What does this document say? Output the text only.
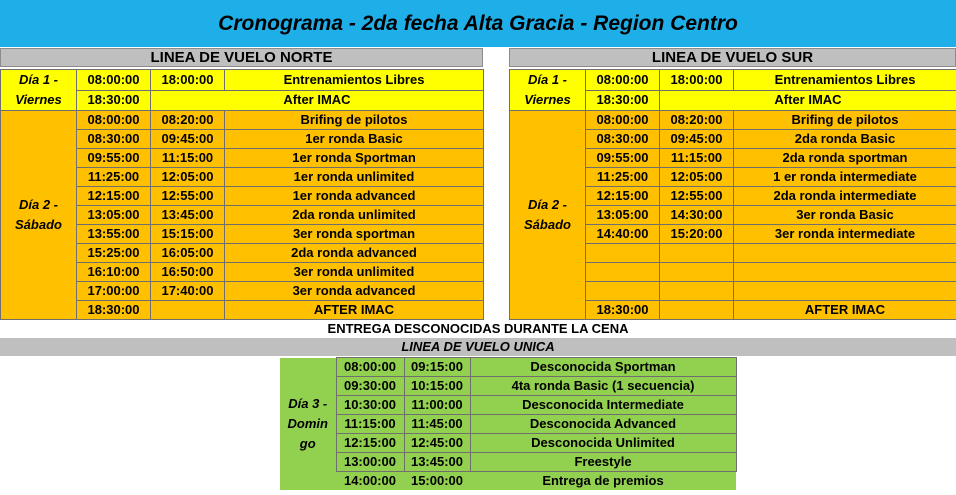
Cronograma - 2da fecha Alta Gracia - Region Centro
LINEA DE VUELO NORTE
Día 1 - Viernes	08:00:00	18:00:00	Entrenamientos Libres
	18:30:00	After IMAC	
Día 2 - Sábado	08:00:00	08:20:00	Brifing de pilotos
	08:30:00	09:45:00	1er ronda Basic
	09:55:00	11:15:00	1er ronda Sportman
	11:25:00	12:05:00	1er ronda unlimited
	12:15:00	12:55:00	1er ronda advanced
	13:05:00	13:45:00	2da ronda unlimited
	13:55:00	15:15:00	3er ronda sportman
	15:25:00	16:05:00	2da ronda advanced
	16:10:00	16:50:00	3er ronda unlimited
	17:00:00	17:40:00	3er ronda advanced
	18:30:00		AFTER IMAC
LINEA DE VUELO SUR
Día 1 - Viernes	08:00:00	18:00:00	Entrenamientos Libres
	18:30:00	After IMAC	
Día 2 - Sábado	08:00:00	08:20:00	Brifing de pilotos
	08:30:00	09:45:00	2da ronda Basic
	09:55:00	11:15:00	2da ronda sportman
	11:25:00	12:05:00	1 er ronda intermediate
	12:15:00	12:55:00	2da ronda intermediate
	13:05:00	14:30:00	3er ronda Basic
	14:40:00	15:20:00	3er ronda intermediate

	18:30:00		AFTER IMAC
ENTREGA DESCONOCIDAS DURANTE LA CENA
LINEA DE VUELO UNICA
Día 3 - Domin go	08:00:00	09:15:00	Desconocida Sportman
	09:30:00	10:15:00	4ta ronda Basic (1 secuencia)
	10:30:00	11:00:00	Desconocida Intermediate
	11:15:00	11:45:00	Desconocida Advanced
	12:15:00	12:45:00	Desconocida Unlimited
	13:00:00	13:45:00	Freestyle
	14:00:00	15:00:00	Entrega de premios
